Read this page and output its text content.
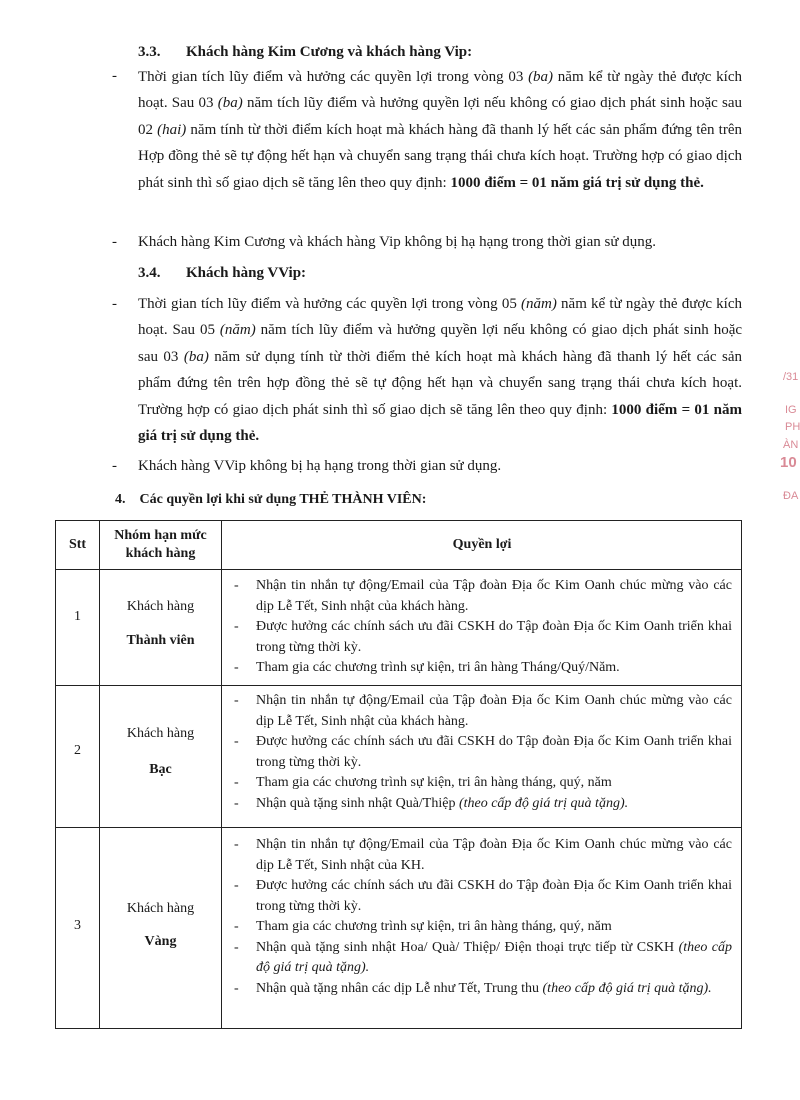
3.3. Khách hàng Kim Cương và khách hàng Vip:
- Thời gian tích lũy điểm và hưởng các quyền lợi trong vòng 03 (ba) năm kể từ ngày thẻ được kích hoạt. Sau 03 (ba) năm tích lũy điểm và hưởng quyền lợi nếu không có giao dịch phát sinh hoặc sau 02 (hai) năm tính từ thời điểm kích hoạt mà khách hàng đã thanh lý hết các sản phẩm đứng tên trên Hợp đồng thẻ sẽ tự động hết hạn và chuyển sang trạng thái chưa kích hoạt. Trường hợp có giao dịch phát sinh thì số giao dịch sẽ tăng lên theo quy định: 1000 điểm = 01 năm giá trị sử dụng thẻ.
- Khách hàng Kim Cương và khách hàng Vip không bị hạ hạng trong thời gian sử dụng.
3.4. Khách hàng VVip:
- Thời gian tích lũy điểm và hưởng các quyền lợi trong vòng 05 (năm) năm kể từ ngày thẻ được kích hoạt. Sau 05 (năm) năm tích lũy điểm và hưởng quyền lợi nếu không có giao dịch phát sinh hoặc sau 03 (ba) năm sử dụng tính từ thời điểm thẻ kích hoạt mà khách hàng đã thanh lý hết các sản phẩm đứng tên trên hợp đồng thẻ sẽ tự động hết hạn và chuyển sang trạng thái chưa kích hoạt. Trường hợp có giao dịch phát sinh thì số giao dịch sẽ tăng lên theo quy định: 1000 điểm = 01 năm giá trị sử dụng thẻ.
- Khách hàng VVip không bị hạ hạng trong thời gian sử dụng.
4. Các quyền lợi khi sử dụng THẺ THÀNH VIÊN:
/31
IG
PH
ÀN
10
ĐA
Stt
Nhóm hạn mức
khách hàng
Quyền lợi
1
Khách hàng
Thành viên
- Nhận tin nhắn tự động/Email của Tập đoàn Địa ốc Kim Oanh chúc mừng vào các dịp Lễ Tết, Sinh nhật của khách hàng.
- Được hưởng các chính sách ưu đãi CSKH do Tập đoàn Địa ốc Kim Oanh triển khai trong từng thời kỳ.
- Tham gia các chương trình sự kiện, tri ân hàng Tháng/Quý/Năm.
2
Khách hàng
Bạc
- Nhận tin nhắn tự động/Email của Tập đoàn Địa ốc Kim Oanh chúc mừng vào các dịp Lễ Tết, Sinh nhật của khách hàng.
- Được hưởng các chính sách ưu đãi CSKH do Tập đoàn Địa ốc Kim Oanh triển khai trong từng thời kỳ.
- Tham gia các chương trình sự kiện, tri ân hàng tháng, quý, năm
- Nhận quà tặng sinh nhật Quà/Thiệp (theo cấp độ giá trị quà tặng).
3
Khách hàng
Vàng
- Nhận tin nhắn tự động/Email của Tập đoàn Địa ốc Kim Oanh chúc mừng vào các dịp Lễ Tết, Sinh nhật của KH.
- Được hưởng các chính sách ưu đãi CSKH do Tập đoàn Địa ốc Kim Oanh triển khai trong từng thời kỳ.
- Tham gia các chương trình sự kiện, tri ân hàng tháng, quý, năm
- Nhận quà tặng sinh nhật Hoa/ Quà/ Thiệp/ Điện thoại trực tiếp từ CSKH (theo cấp độ giá trị quà tặng).
- Nhận quà tặng nhân các dịp Lễ như Tết, Trung thu (theo cấp độ giá trị quà tặng).
